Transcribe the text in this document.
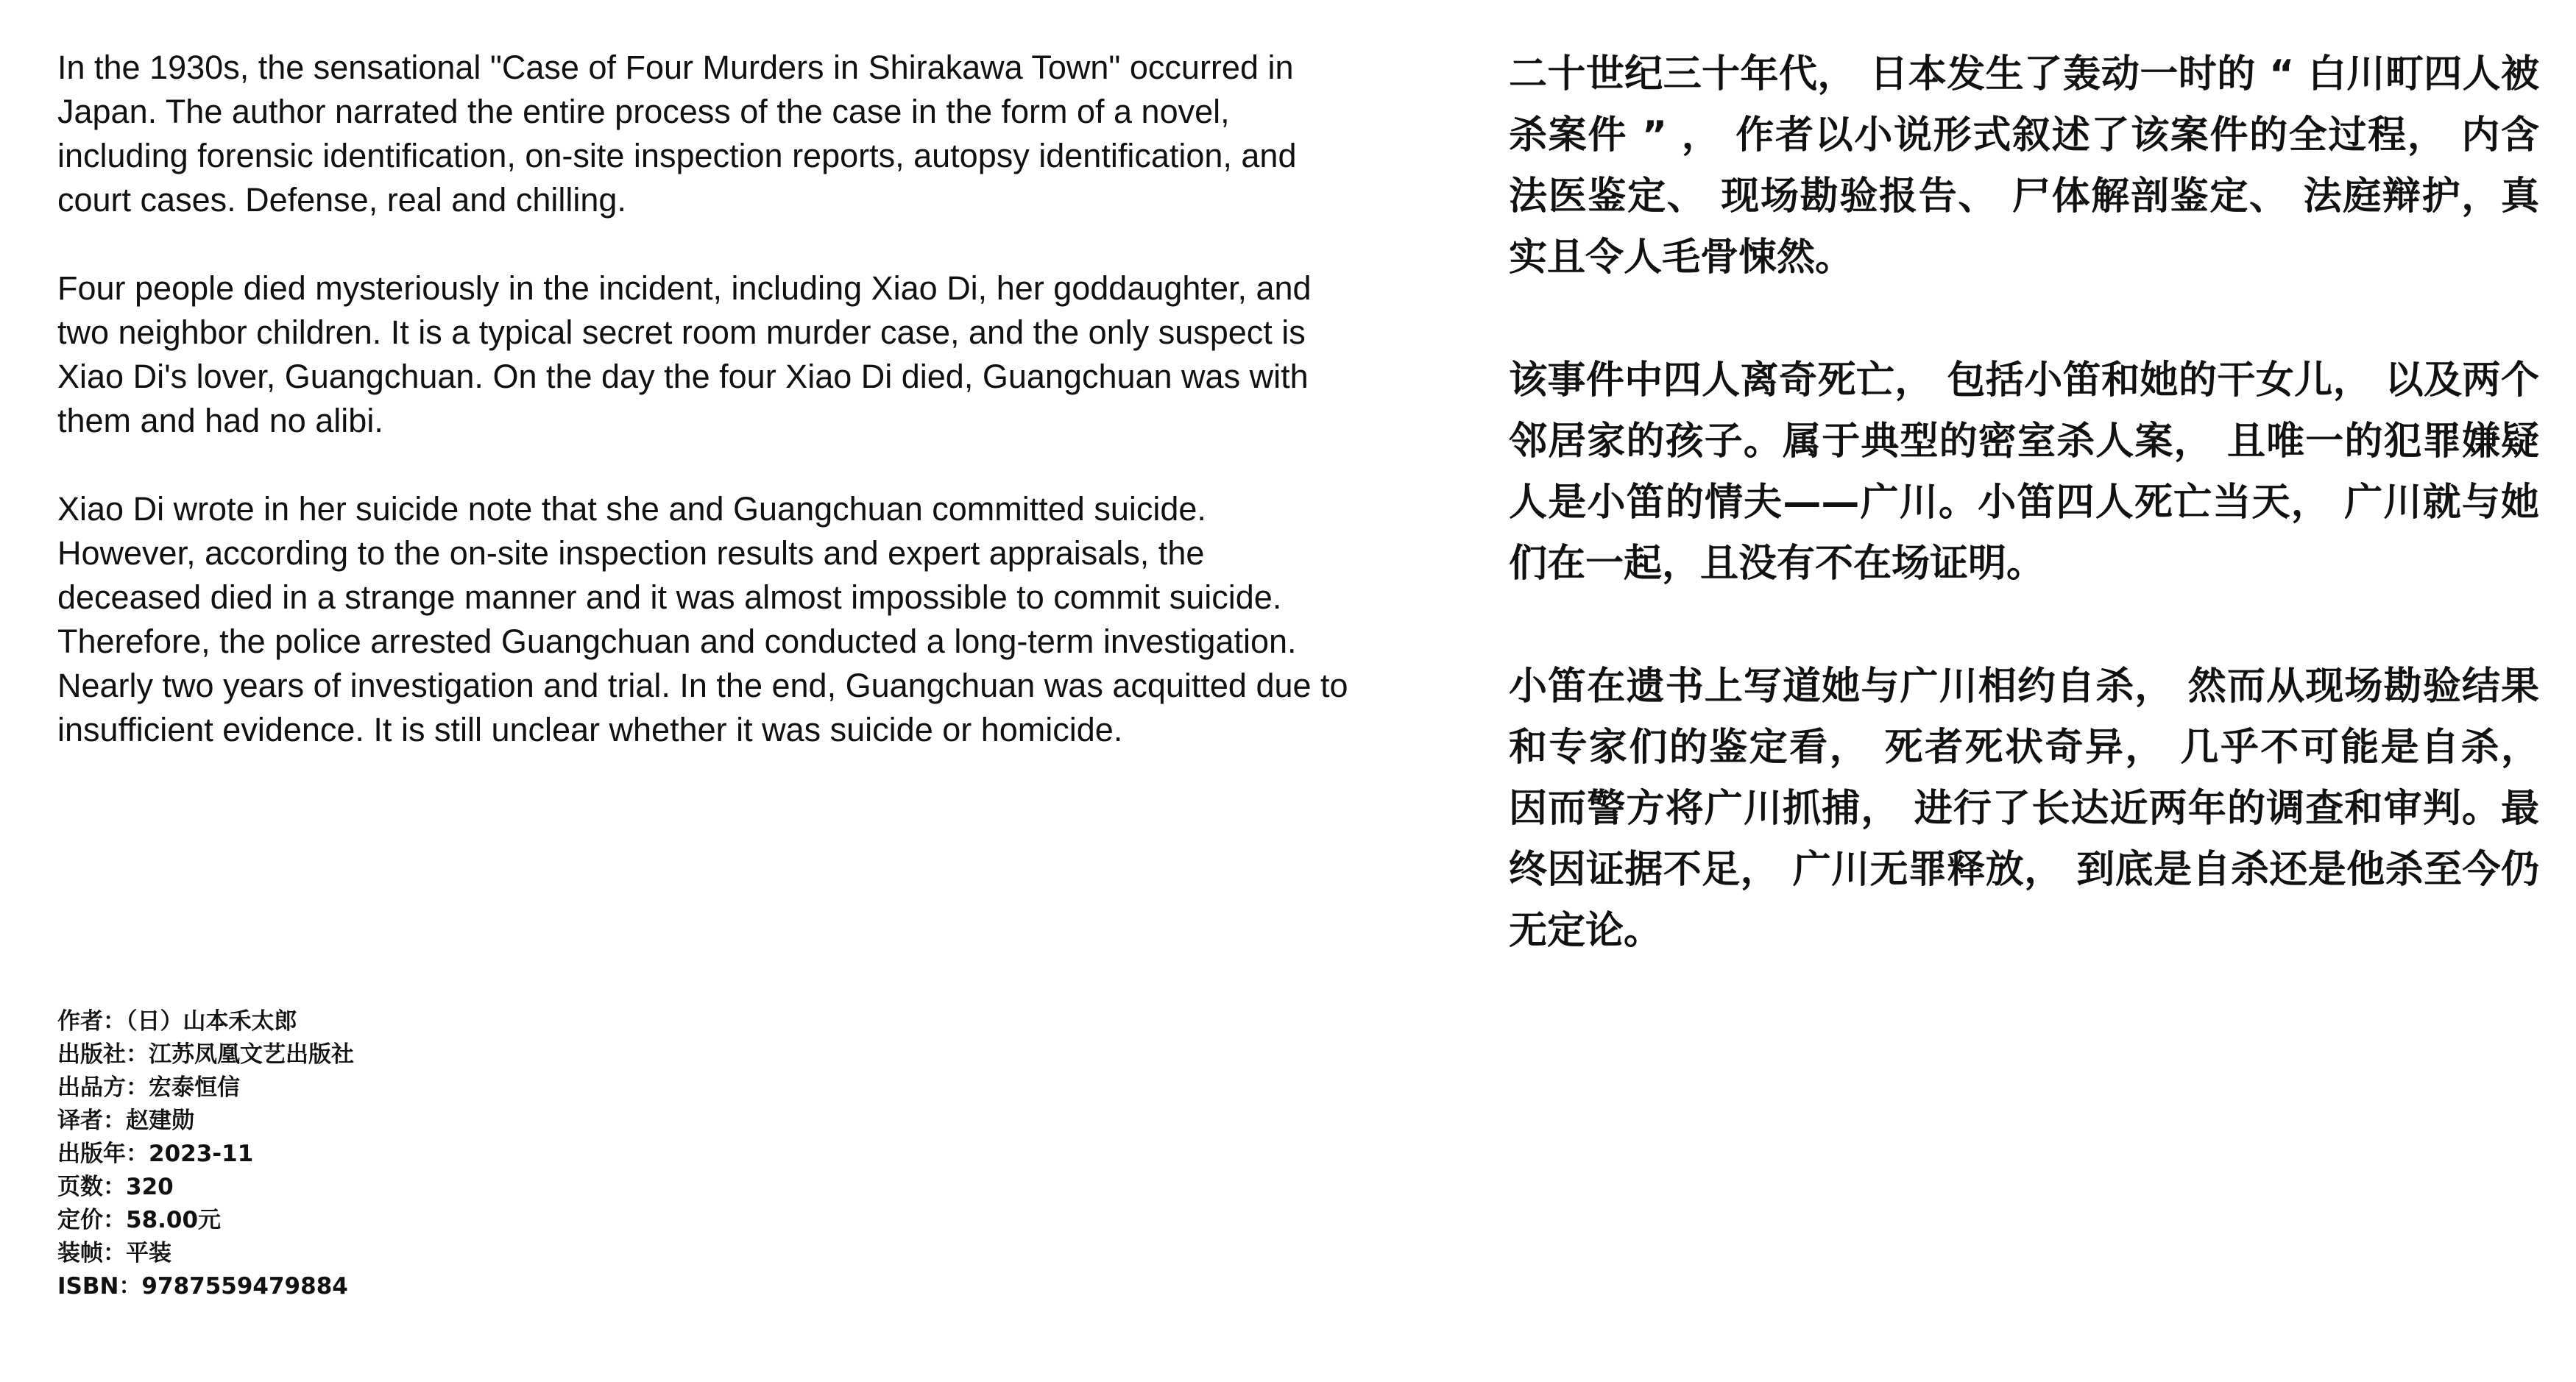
In the 1930s, the sensational "Case of Four Murders in Shirakawa Town" occurred in Japan. The author narrated the entire process of the case in the form of a novel, including forensic identification, on-site inspection reports, autopsy identification, and court cases. Defense, real and chilling.

Four people died mysteriously in the incident, including Xiao Di, her goddaughter, and two neighbor children. It is a typical secret room murder case, and the only suspect is Xiao Di's lover, Guangchuan. On the day the four Xiao Di died, Guangchuan was with them and had no alibi.

Xiao Di wrote in her suicide note that she and Guangchuan committed suicide. However, according to the on-site inspection results and expert appraisals, the deceased died in a strange manner and it was almost impossible to commit suicide. Therefore, the police arrested Guangchuan and conducted a long-term investigation. Nearly two years of investigation and trial. In the end, Guangchuan was acquitted due to insufficient evidence. It is still unclear whether it was suicide or homicide.

二十世纪三十年代， 日本发生了轰动一时的 “ 白川町四人被杀案件 ” ， 作者以小说形式叙述了该案件的全过程， 内含法医鉴定、 现场勘验报告、 尸体解剖鉴定、 法庭辩护，真实且令人毛骨悚然。

该事件中四人离奇死亡， 包括小笛和她的干女儿， 以及两个邻居家的孩子。属于典型的密室杀人案， 且唯一的犯罪嫌疑人是小笛的情夫——广川。小笛四人死亡当天， 广川就与她们在一起，且没有不在场证明。

小笛在遗书上写道她与广川相约自杀， 然而从现场勘验结果和专家们的鉴定看， 死者死状奇异， 几乎不可能是自杀， 因而警方将广川抓捕， 进行了长达近两年的调查和审判。最终因证据不足， 广川无罪释放， 到底是自杀还是他杀至今仍无定论。

作者：（日）山本禾太郎
出版社：江苏凤凰文艺出版社
出品方：宏泰恒信
译者：赵建勋
出版年：2023-11
页数：320
定价：58.00元
装帧：平装
ISBN：9787559479884
